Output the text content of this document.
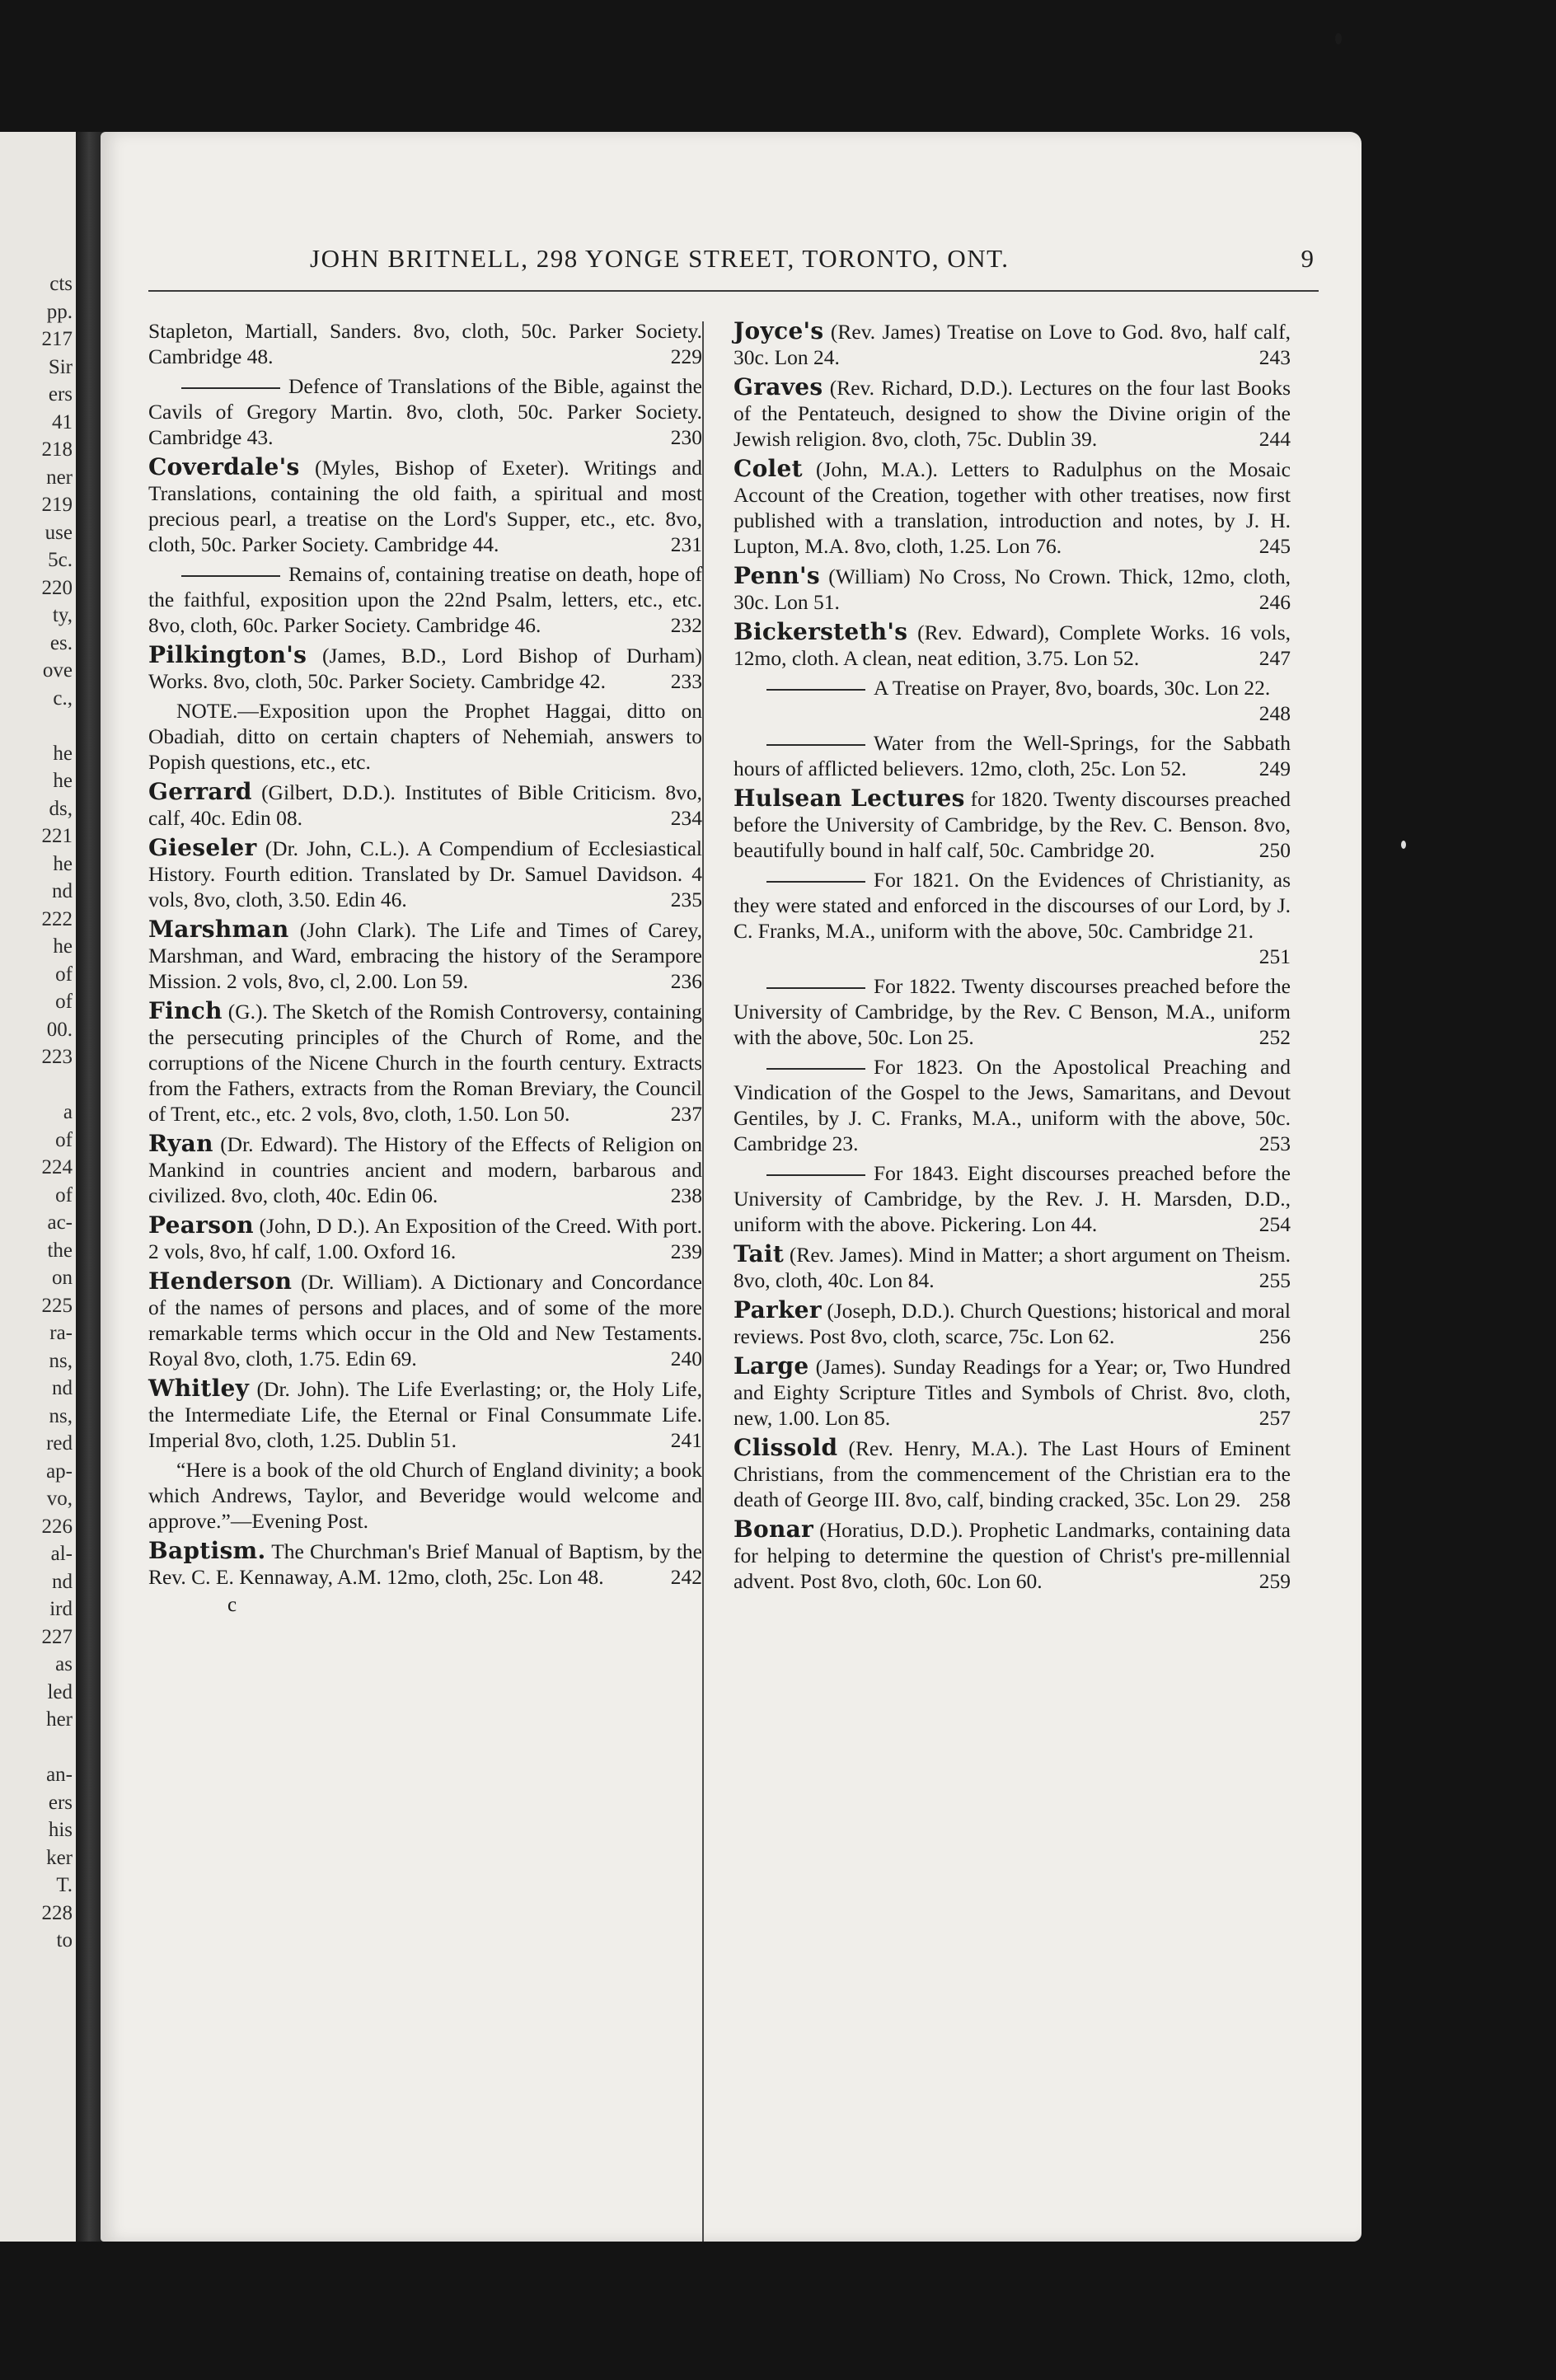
cts
pp.
217
Sir
ers
41
218
ner
219
use
5c.
220
ty,
es.
ove
c.,
he
he
ds,
221
he
nd
222
he
of
of
00.
223
a
of
224
of
ac-
the
on
225
ra-
ns,
nd
ns,
red
ap-
vo,
226
al-
nd
ird
227
as
led
her
an-
ers
his
ker
T.
228
to
JOHN BRITNELL, 298 YONGE STREET, TORONTO, ONT.	9
Stapleton, Martiall, Sanders. 8vo, cloth, 50c. Parker Society. Cambridge 48.	229
Defence of Translations of the Bible, against the Cavils of Gregory Martin. 8vo, cloth, 50c. Parker Society. Cambridge 43.	230
Coverdale's (Myles, Bishop of Exeter). Writings and Translations, containing the old faith, a spiritual and most precious pearl, a treatise on the Lord's Supper, etc., etc. 8vo, cloth, 50c. Parker Society. Cambridge 44.	231
Remains of, containing treatise on death, hope of the faithful, exposition upon the 22nd Psalm, letters, etc., etc. 8vo, cloth, 60c. Parker Society. Cambridge 46.	232
Pilkington's (James, B.D., Lord Bishop of Durham) Works. 8vo, cloth, 50c. Parker Society. Cambridge 42.	233
NOTE.—Exposition upon the Prophet Haggai, ditto on Obadiah, ditto on certain chapters of Nehemiah, answers to Popish questions, etc., etc.
Gerrard (Gilbert, D.D.). Institutes of Bible Criticism. 8vo, calf, 40c. Edin 08.	234
Gieseler (Dr. John, C.L.). A Compendium of Ecclesiastical History. Fourth edition. Translated by Dr. Samuel Davidson. 4 vols, 8vo, cloth, 3.50. Edin 46.	235
Marshman (John Clark). The Life and Times of Carey, Marshman, and Ward, embracing the history of the Serampore Mission. 2 vols, 8vo, cl, 2.00. Lon 59.	236
Finch (G.). The Sketch of the Romish Controversy, containing the persecuting principles of the Church of Rome, and the corruptions of the Nicene Church in the fourth century. Extracts from the Fathers, extracts from the Roman Breviary, the Council of Trent, etc., etc. 2 vols, 8vo, cloth, 1.50. Lon 50.	237
Ryan (Dr. Edward). The History of the Effects of Religion on Mankind in countries ancient and modern, barbarous and civilized. 8vo, cloth, 40c. Edin 06.	238
Pearson (John, D D.). An Exposition of the Creed. With port. 2 vols, 8vo, hf calf, 1.00. Oxford 16.	239
Henderson (Dr. William). A Dictionary and Concordance of the names of persons and places, and of some of the more remarkable terms which occur in the Old and New Testaments. Royal 8vo, cloth, 1.75. Edin 69.	240
Whitley (Dr. John). The Life Everlasting; or, the Holy Life, the Intermediate Life, the Eternal or Final Consummate Life. Imperial 8vo, cloth, 1.25. Dublin 51.	241
“Here is a book of the old Church of England divinity; a book which Andrews, Taylor, and Beveridge would welcome and approve.”—Evening Post.
Baptism. The Churchman's Brief Manual of Baptism, by the Rev. C. E. Kennaway, A.M. 12mo, cloth, 25c. Lon 48.	242
c
Joyce's (Rev. James) Treatise on Love to God. 8vo, half calf, 30c. Lon 24.	243
Graves (Rev. Richard, D.D.). Lectures on the four last Books of the Pentateuch, designed to show the Divine origin of the Jewish religion. 8vo, cloth, 75c. Dublin 39.	244
Colet (John, M.A.). Letters to Radulphus on the Mosaic Account of the Creation, together with other treatises, now first published with a translation, introduction and notes, by J. H. Lupton, M.A. 8vo, cloth, 1.25. Lon 76.	245
Penn's (William) No Cross, No Crown. Thick, 12mo, cloth, 30c. Lon 51.	246
Bickersteth's (Rev. Edward), Complete Works. 16 vols, 12mo, cloth. A clean, neat edition, 3.75. Lon 52.	247
A Treatise on Prayer, 8vo, boards, 30c. Lon 22.
248
Water from the Well-Springs, for the Sabbath hours of afflicted believers. 12mo, cloth, 25c. Lon 52.	249
Hulsean Lectures for 1820. Twenty discourses preached before the University of Cambridge, by the Rev. C. Benson. 8vo, beautifully bound in half calf, 50c. Cambridge 20.	250
For 1821. On the Evidences of Christianity, as they were stated and enforced in the discourses of our Lord, by J. C. Franks, M.A., uniform with the above, 50c. Cambridge 21.
251
For 1822. Twenty discourses preached before the University of Cambridge, by the Rev. C Benson, M.A., uniform with the above, 50c. Lon 25.	252
For 1823. On the Apostolical Preaching and Vindication of the Gospel to the Jews, Samaritans, and Devout Gentiles, by J. C. Franks, M.A., uniform with the above, 50c. Cambridge 23.	253
For 1843. Eight discourses preached before the University of Cambridge, by the Rev. J. H. Marsden, D.D., uniform with the above. Pickering. Lon 44.	254
Tait (Rev. James). Mind in Matter; a short argument on Theism. 8vo, cloth, 40c. Lon 84.	255
Parker (Joseph, D.D.). Church Questions; historical and moral reviews. Post 8vo, cloth, scarce, 75c. Lon 62.	256
Large (James). Sunday Readings for a Year; or, Two Hundred and Eighty Scripture Titles and Symbols of Christ. 8vo, cloth, new, 1.00. Lon 85.	257
Clissold (Rev. Henry, M.A.). The Last Hours of Eminent Christians, from the commencement of the Christian era to the death of George III. 8vo, calf, binding cracked, 35c. Lon 29. 258
Bonar (Horatius, D.D.). Prophetic Landmarks, containing data for helping to determine the question of Christ's pre-millennial advent. Post 8vo, cloth, 60c. Lon 60.	259
